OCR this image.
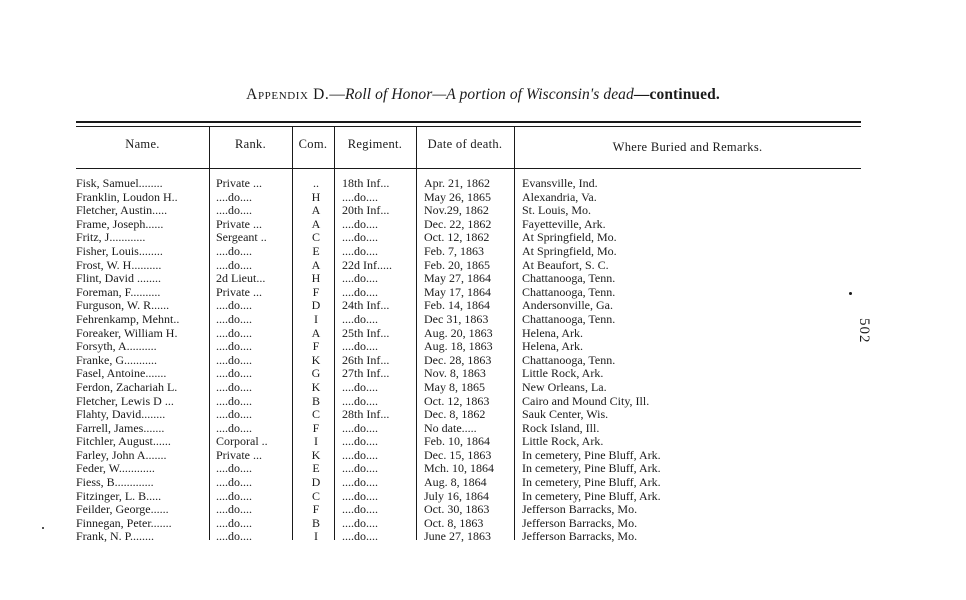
Appendix D.—Roll of Honor—A portion of Wisconsin's dead—continued.
Name.	Rank.	Com.	Regiment.	Date of death.	Where Buried and Remarks.
Fisk, Samuel........	Private ...	..	18th Inf...	Apr. 21, 1862	Evansville, Ind.
Franklin, Loudon H..	....do....	H	....do....	May 26, 1865	Alexandria, Va.
Fletcher, Austin.....	....do....	A	20th Inf...	Nov.29, 1862	St. Louis, Mo.
Frame, Joseph......	Private ...	A	....do....	Dec. 22, 1862	Fayetteville, Ark.
Fritz, J............	Sergeant ..	C	....do....	Oct. 12, 1862	At Springfield, Mo.
Fisher, Louis........	....do....	E	....do....	Feb. 7, 1863	At Springfield, Mo.
Frost, W. H..........	....do....	A	22d Inf.....	Feb. 20, 1865	At Beaufort, S. C.
Flint, David ........	2d Lieut...	H	....do....	May 27, 1864	Chattanooga, Tenn.
Foreman, F..........	Private ...	F	....do....	May 17, 1864	Chattanooga, Tenn.
Furguson, W. R......	....do....	D	24th Inf...	Feb. 14, 1864	Andersonville, Ga.
Fehrenkamp, Mehnt..	....do....	I	....do....	Dec 31, 1863	Chattanooga, Tenn.
Foreaker, William H.	....do....	A	25th Inf...	Aug. 20, 1863	Helena, Ark.
Forsyth, A..........	....do....	F	....do....	Aug. 18, 1863	Helena, Ark.
Franke, G...........	....do....	K	26th Inf...	Dec. 28, 1863	Chattanooga, Tenn.
Fasel, Antoine.......	....do....	G	27th Inf...	Nov. 8, 1863	Little Rock, Ark.
Ferdon, Zachariah L.	....do....	K	....do....	May 8, 1865	New Orleans, La.
Fletcher, Lewis D ...	....do....	B	....do....	Oct. 12, 1863	Cairo and Mound City, Ill.
Flahty, David........	....do....	C	28th Inf...	Dec. 8, 1862	Sauk Center, Wis.
Farrell, James.......	....do....	F	....do....	No date.....	Rock Island, Ill.
Fitchler, August......	Corporal ..	I	....do....	Feb. 10, 1864	Little Rock, Ark.
Farley, John A.......	Private ...	K	....do....	Dec. 15, 1863	In cemetery, Pine Bluff, Ark.
Feder, W............	....do....	E	....do....	Mch. 10, 1864	In cemetery, Pine Bluff, Ark.
Fiess, B.............	....do....	D	....do....	Aug. 8, 1864	In cemetery, Pine Bluff, Ark.
Fitzinger, L. B.....	....do....	C	....do....	July 16, 1864	In cemetery, Pine Bluff, Ark.
Feilder, George......	....do....	F	....do....	Oct. 30, 1863	Jefferson Barracks, Mo.
Finnegan, Peter.......	....do....	B	....do....	Oct. 8, 1863	Jefferson Barracks, Mo.
Frank, N. P........	....do....	I	....do....	June 27, 1863	Jefferson Barracks, Mo.
502
